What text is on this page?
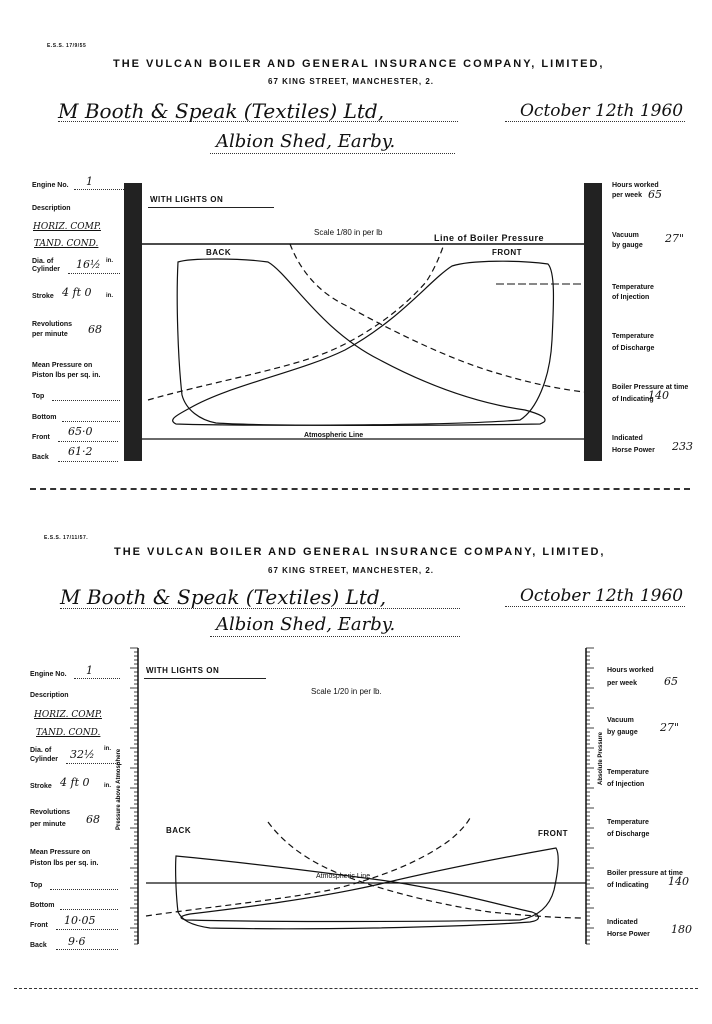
E.S.S. 17/9/55
THE VULCAN BOILER AND GENERAL INSURANCE COMPANY, LIMITED,
67 KING STREET, MANCHESTER, 2.
M Booth & Speak (Textiles) Ltd,	October 12th 1960
Albion Shed, Earby.
Engine No. 1
Description
HORIZ. COMP.
TAND. COND.
Dia. of
Cylinder 16½ in.
Stroke 4 ft 0 in.
Revolutions
per minute 68
Mean Pressure on
Piston lbs per sq. in.
Top
Bottom
Front 65·0
Back 61·2
Hours worked
per week 65
Vacuum
by gauge
27"
Temperature
of Injection
Temperature
of Discharge
Boiler Pressure at time
of Indicating
140
Indicated
Horse Power 233
WITH LIGHTS ON
Scale 1/80 in per lb
Line of Boiler Pressure
BACK	FRONT
Atmospheric Line
E.S.S. 17/11/57.
THE VULCAN BOILER AND GENERAL INSURANCE COMPANY, LIMITED,
67 KING STREET, MANCHESTER, 2.
M Booth & Speak (Textiles) Ltd,	October 12th 1960
Albion Shed, Earby.
Engine No. 1
Description
HORIZ. COMP.
TAND. COND.
Dia. of
Cylinder 32½ in.
Stroke 4 ft 0 in.
Revolutions
per minute 68
Mean Pressure on
Piston lbs per sq. in.
Top
Bottom
Front 10·05
Back 9·6
Hours worked
per week 65
Vacuum
by gauge 27"
Temperature
of Injection
Temperature
of Discharge
Boiler pressure at time
of Indicating 140
Indicated
Horse Power 180
WITH LIGHTS ON
Scale 1/20 in per lb.
BACK	FRONT
Atmospheric Line
Pressure above Atmosphere	Absolute Pressure
